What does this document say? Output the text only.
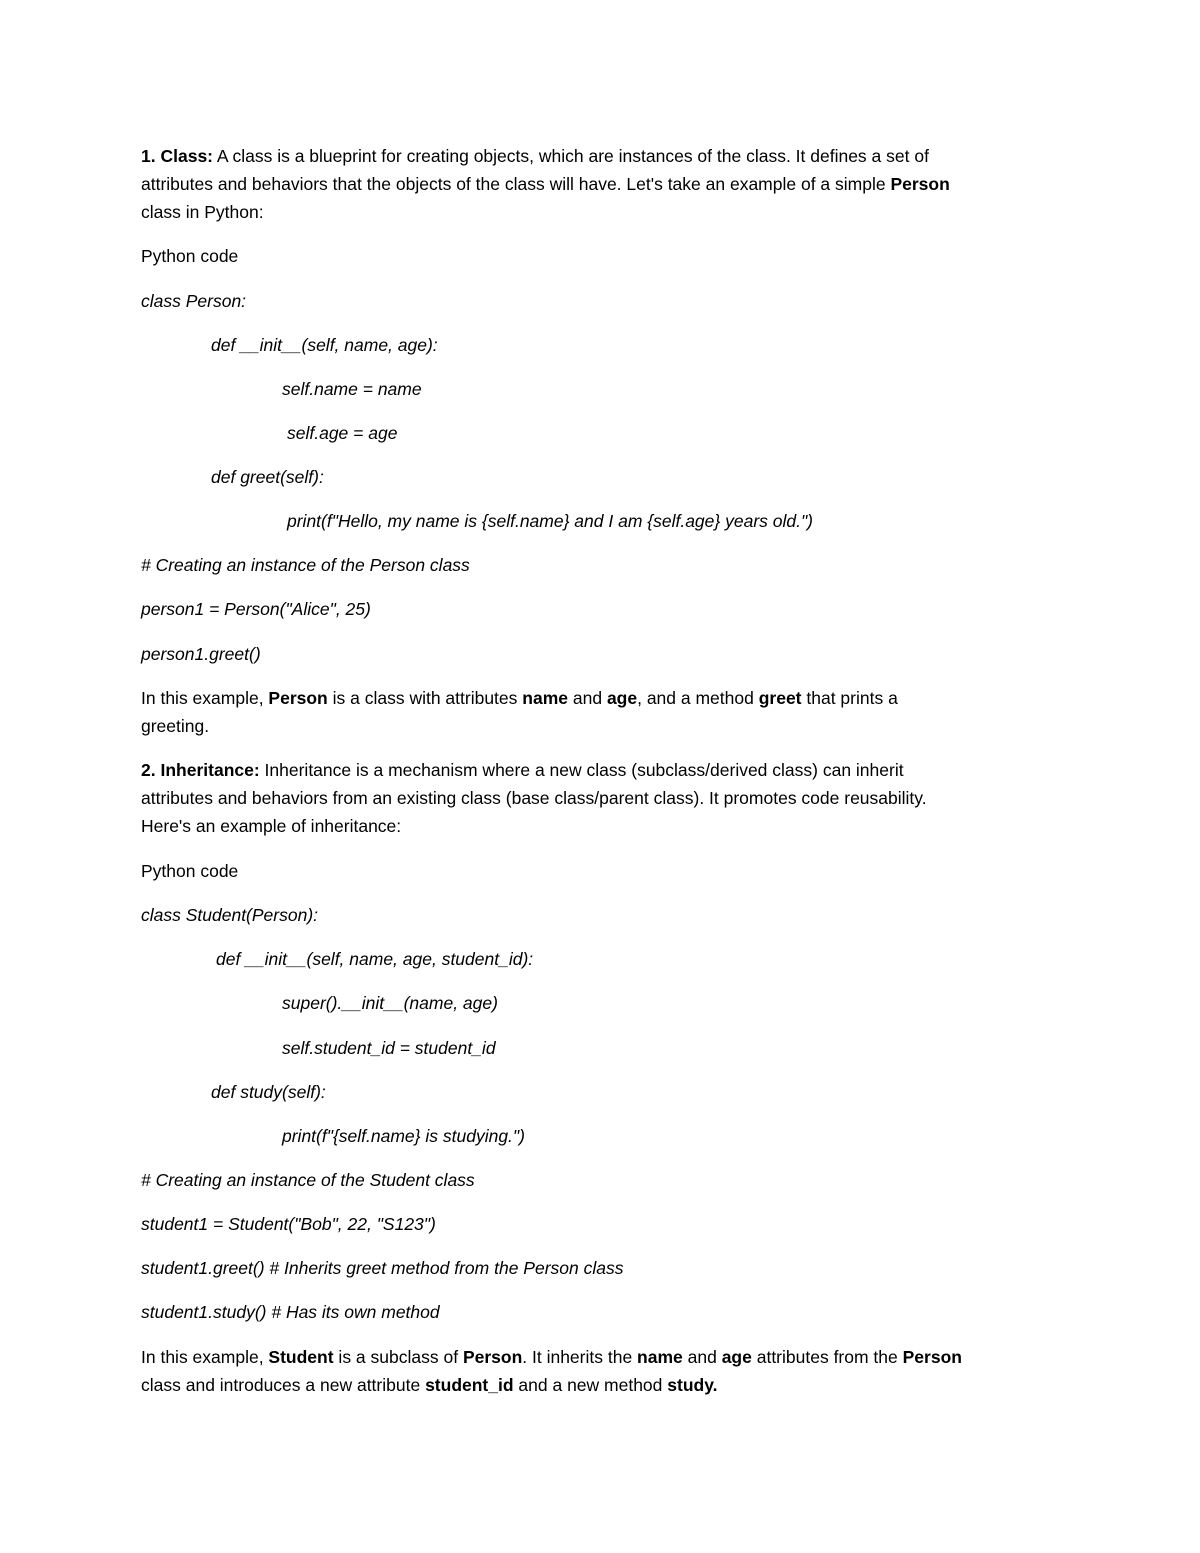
1. Class: A class is a blueprint for creating objects, which are instances of the class. It defines a set of
attributes and behaviors that the objects of the class will have. Let's take an example of a simple Person
class in Python:
Python code
class Person:
def __init__(self, name, age):
self.name = name
self.age = age
def greet(self):
print(f"Hello, my name is {self.name} and I am {self.age} years old.")
# Creating an instance of the Person class
person1 = Person("Alice", 25)
person1.greet()
In this example, Person is a class with attributes name and age, and a method greet that prints a
greeting.
2. Inheritance: Inheritance is a mechanism where a new class (subclass/derived class) can inherit
attributes and behaviors from an existing class (base class/parent class). It promotes code reusability.
Here's an example of inheritance:
Python code
class Student(Person):
def __init__(self, name, age, student_id):
super().__init__(name, age)
self.student_id = student_id
def study(self):
print(f"{self.name} is studying.")
# Creating an instance of the Student class
student1 = Student("Bob", 22, "S123")
student1.greet() # Inherits greet method from the Person class
student1.study() # Has its own method
In this example, Student is a subclass of Person. It inherits the name and age attributes from the Person
class and introduces a new attribute student_id and a new method study.
